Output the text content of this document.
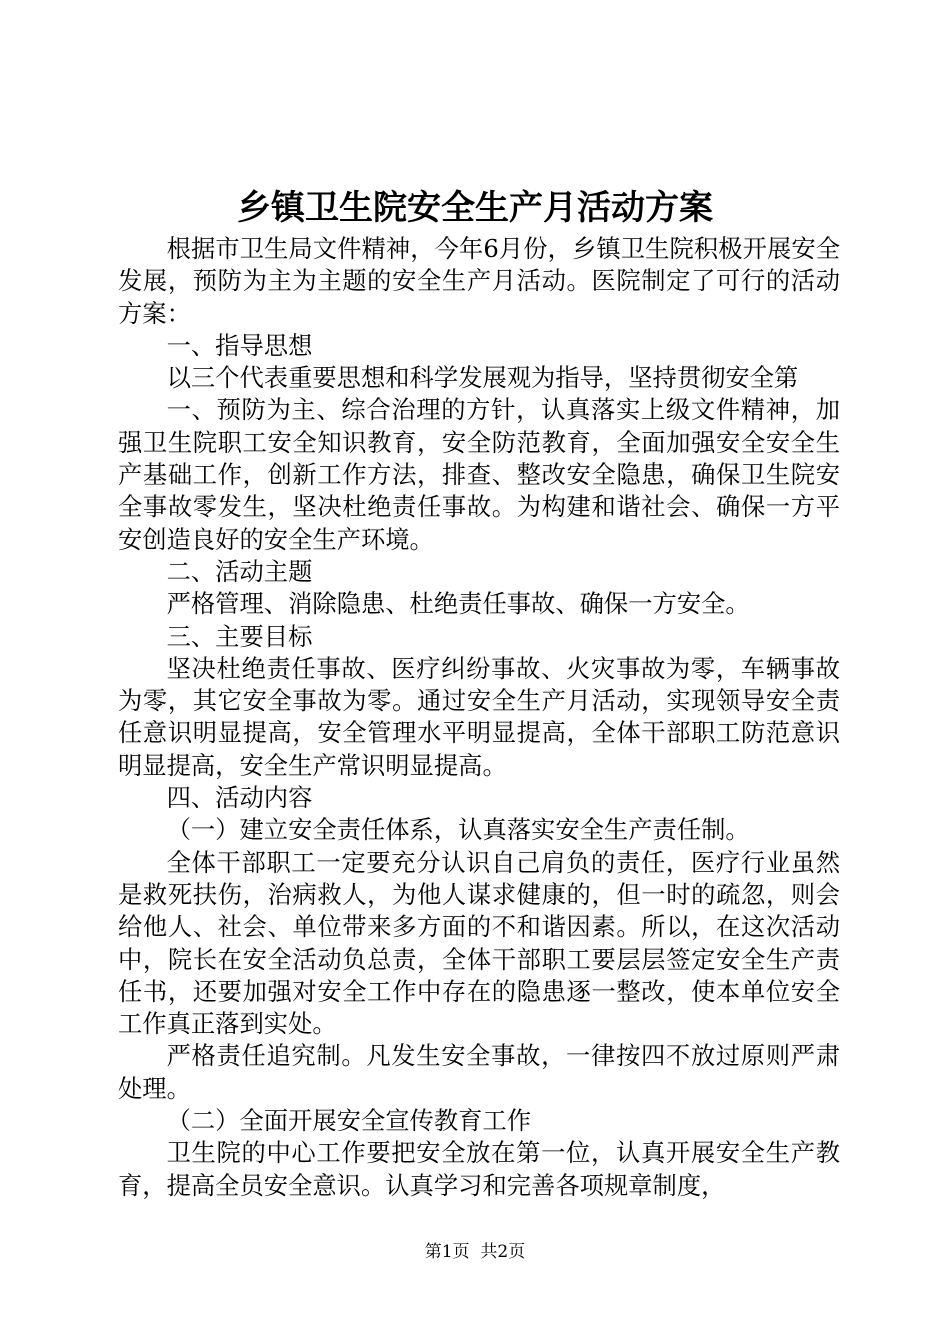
乡镇卫生院安全生产月活动方案

根据市卫生局文件精神，今年6月份，乡镇卫生院积极开展安全发展，预防为主为主题的安全生产月活动。医院制定了可行的活动方案：

一、指导思想

以三个代表重要思想和科学发展观为指导，坚持贯彻安全第

一、预防为主、综合治理的方针，认真落实上级文件精神，加强卫生院职工安全知识教育，安全防范教育，全面加强安全安全生产基础工作，创新工作方法，排查、整改安全隐患，确保卫生院安全事故零发生，坚决杜绝责任事故。为构建和谐社会、确保一方平安创造良好的安全生产环境。

二、活动主题

严格管理、消除隐患、杜绝责任事故、确保一方安全。

三、主要目标

坚决杜绝责任事故、医疗纠纷事故、火灾事故为零，车辆事故为零，其它安全事故为零。通过安全生产月活动，实现领导安全责任意识明显提高，安全管理水平明显提高，全体干部职工防范意识明显提高，安全生产常识明显提高。

四、活动内容

（一）建立安全责任体系，认真落实安全生产责任制。

全体干部职工一定要充分认识自己肩负的责任，医疗行业虽然是救死扶伤，治病救人，为他人谋求健康的，但一时的疏忽，则会给他人、社会、单位带来多方面的不和谐因素。所以，在这次活动中，院长在安全活动负总责，全体干部职工要层层签定安全生产责任书，还要加强对安全工作中存在的隐患逐一整改，使本单位安全工作真正落到实处。

严格责任追究制。凡发生安全事故，一律按四不放过原则严肃处理。

（二）全面开展安全宣传教育工作

卫生院的中心工作要把安全放在第一位，认真开展安全生产教育，提高全员安全意识。认真学习和完善各项规章制度，

第1页 共2页
